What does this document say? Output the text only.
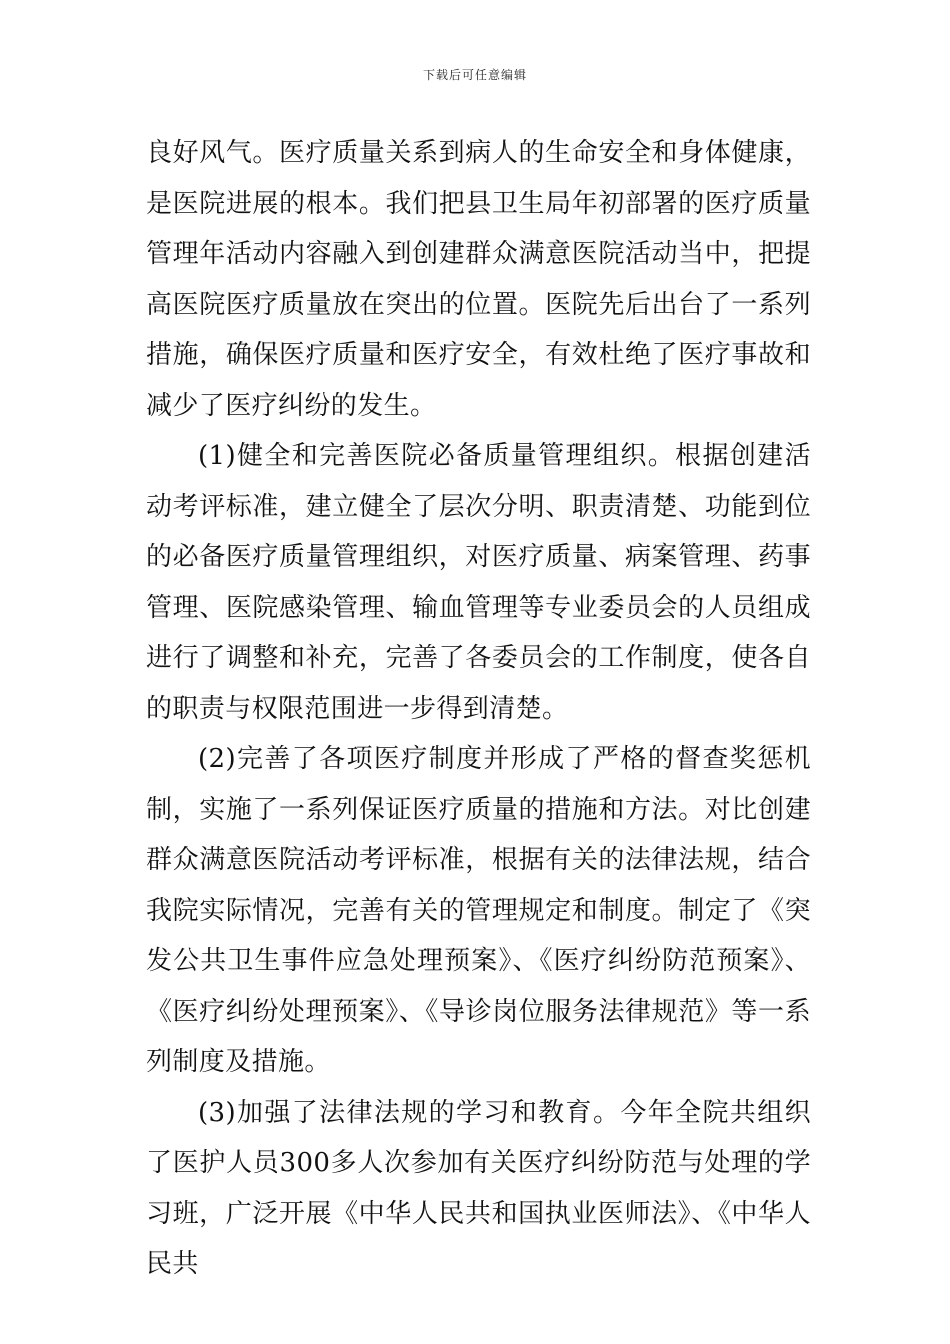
下载后可任意编辑

良好风气。医疗质量关系到病人的生命安全和身体健康，是医院进展的根本。我们把县卫生局年初部署的医疗质量管理年活动内容融入到创建群众满意医院活动当中，把提高医院医疗质量放在突出的位置。医院先后出台了一系列措施，确保医疗质量和医疗安全，有效杜绝了医疗事故和减少了医疗纠纷的发生。

(1)健全和完善医院必备质量管理组织。根据创建活动考评标准，建立健全了层次分明、职责清楚、功能到位的必备医疗质量管理组织，对医疗质量、病案管理、药事管理、医院感染管理、输血管理等专业委员会的人员组成进行了调整和补充，完善了各委员会的工作制度，使各自的职责与权限范围进一步得到清楚。

(2)完善了各项医疗制度并形成了严格的督查奖惩机制，实施了一系列保证医疗质量的措施和方法。对比创建群众满意医院活动考评标准，根据有关的法律法规，结合我院实际情况，完善有关的管理规定和制度。制定了《突发公共卫生事件应急处理预案》、《医疗纠纷防范预案》、《医疗纠纷处理预案》、《导诊岗位服务法律规范》等一系列制度及措施。

(3)加强了法律法规的学习和教育。今年全院共组织了医护人员300多人次参加有关医疗纠纷防范与处理的学习班，广泛开展《中华人民共和国执业医师法》、《中华人民共
